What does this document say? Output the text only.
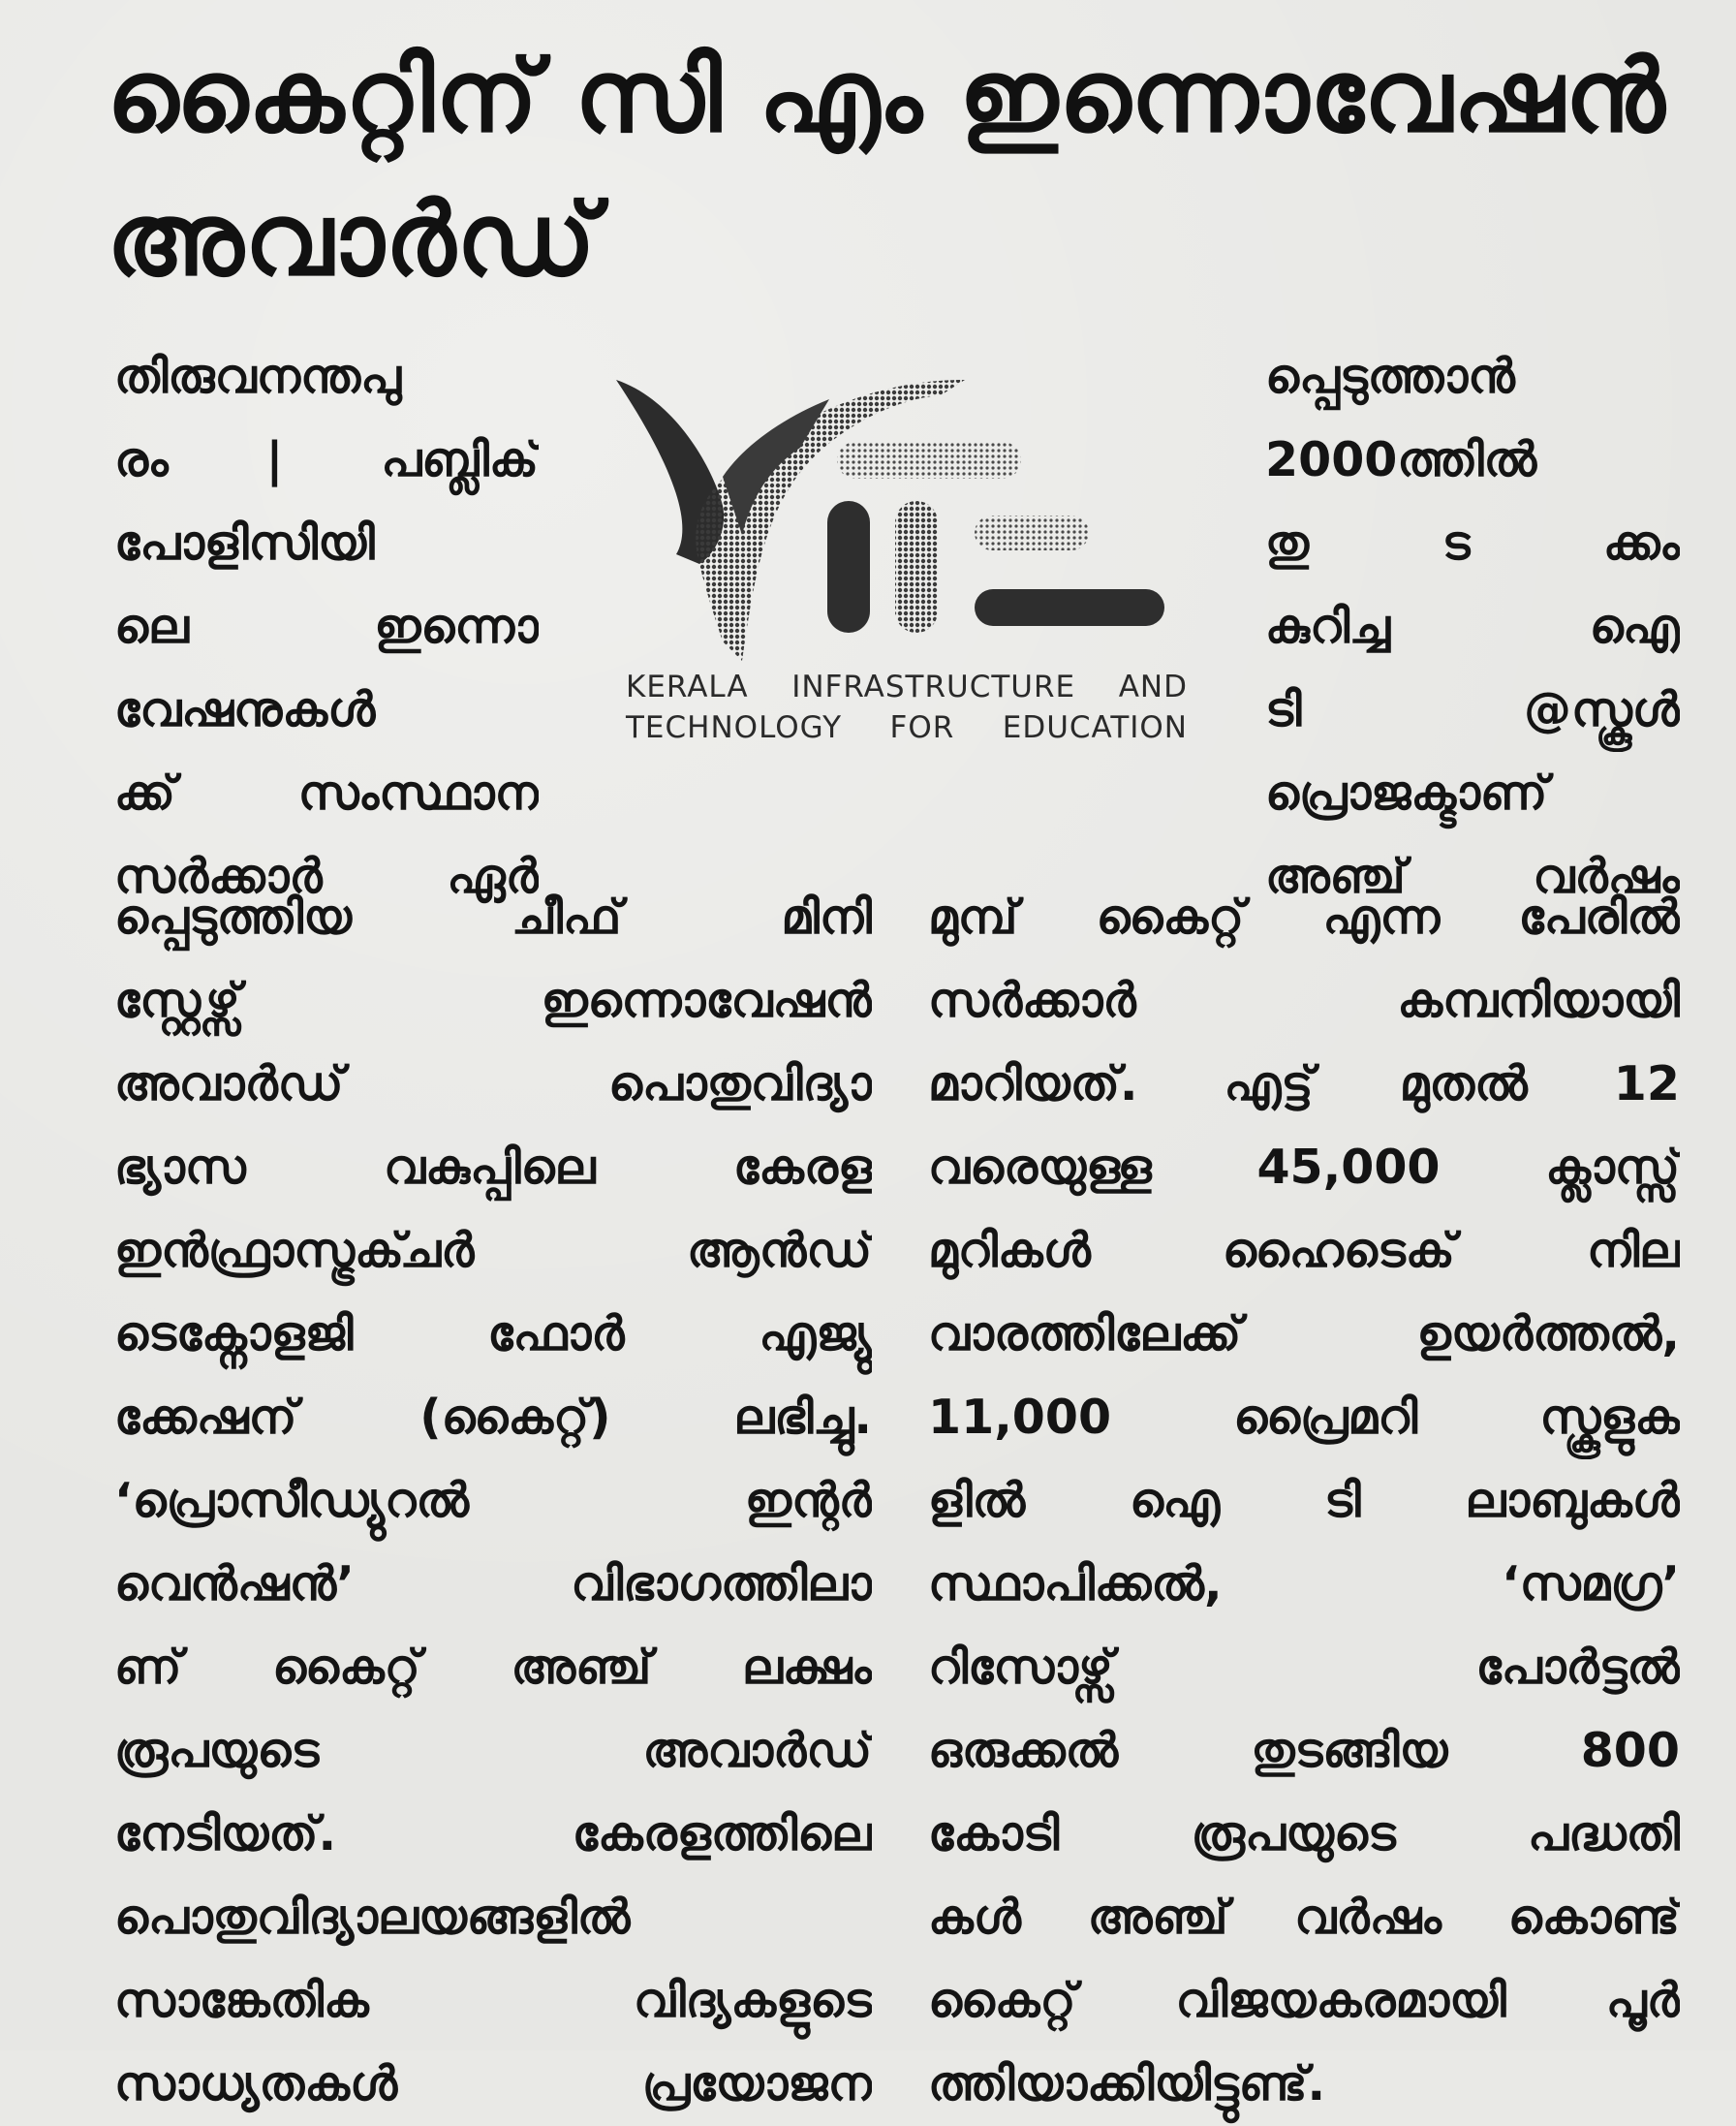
കൈറ്റിന് സി എം ഇന്നൊവേഷൻ
അവാർഡ്
തിരുവനന്തപു
രം | പബ്ലിക്
പോളിസിയി
ലെ ഇന്നൊ
വേഷനുകൾ
ക്ക് സംസ്ഥാന
സർക്കാർ ഏർ
KERALA INFRASTRUCTURE AND
TECHNOLOGY FOR EDUCATION
പ്പെടുത്താൻ
2000ത്തിൽ
തു ട ക്കം
കുറിച്ച ഐ
ടി @സ്കൂൾ
പ്രൊജക്ടാണ്
അഞ്ച് വർഷം
പ്പെടുത്തിയ ചീഫ് മിനി
സ്റ്റേഴ്സ് ഇന്നൊവേഷൻ
അവാർഡ് പൊതുവിദ്യാ
ഭ്യാസ വകുപ്പിലെ കേരള
ഇൻഫ്രാസ്ട്രക്ചർ ആൻഡ്
ടെക്നോളജി ഫോർ എജ്യു
ക്കേഷന് (കൈറ്റ്) ലഭിച്ചു.
‘പ്രൊസീഡ്യുറൽ ഇന്റർ
വെൻഷൻ’ വിഭാഗത്തിലാ
ണ് കൈറ്റ് അഞ്ച് ലക്ഷം
രൂപയുടെ അവാർഡ്
നേടിയത്. കേരളത്തിലെ
പൊതുവിദ്യാലയങ്ങളിൽ
സാങ്കേതിക വിദ്യകളുടെ
സാധ്യതകൾ പ്രയോജന
മുമ്പ് കൈറ്റ് എന്ന പേരിൽ
സർക്കാർ കമ്പനിയായി
മാറിയത്. എട്ട് മുതൽ 12
വരെയുള്ള 45,000 ക്ലാസ്സ്
മുറികൾ ഹൈടെക് നില
വാരത്തിലേക്ക് ഉയർത്തൽ,
11,000 പ്രൈമറി സ്കൂളുക
ളിൽ ഐ ടി ലാബുകൾ
സ്ഥാപിക്കൽ, ‘സമഗ്ര’
റിസോഴ്സ് പോർട്ടൽ
ഒരുക്കൽ തുടങ്ങിയ 800
കോടി രൂപയുടെ പദ്ധതി
കൾ അഞ്ച് വർഷം കൊണ്ട്
കൈറ്റ് വിജയകരമായി പൂർ
ത്തിയാക്കിയിട്ടുണ്ട്.
